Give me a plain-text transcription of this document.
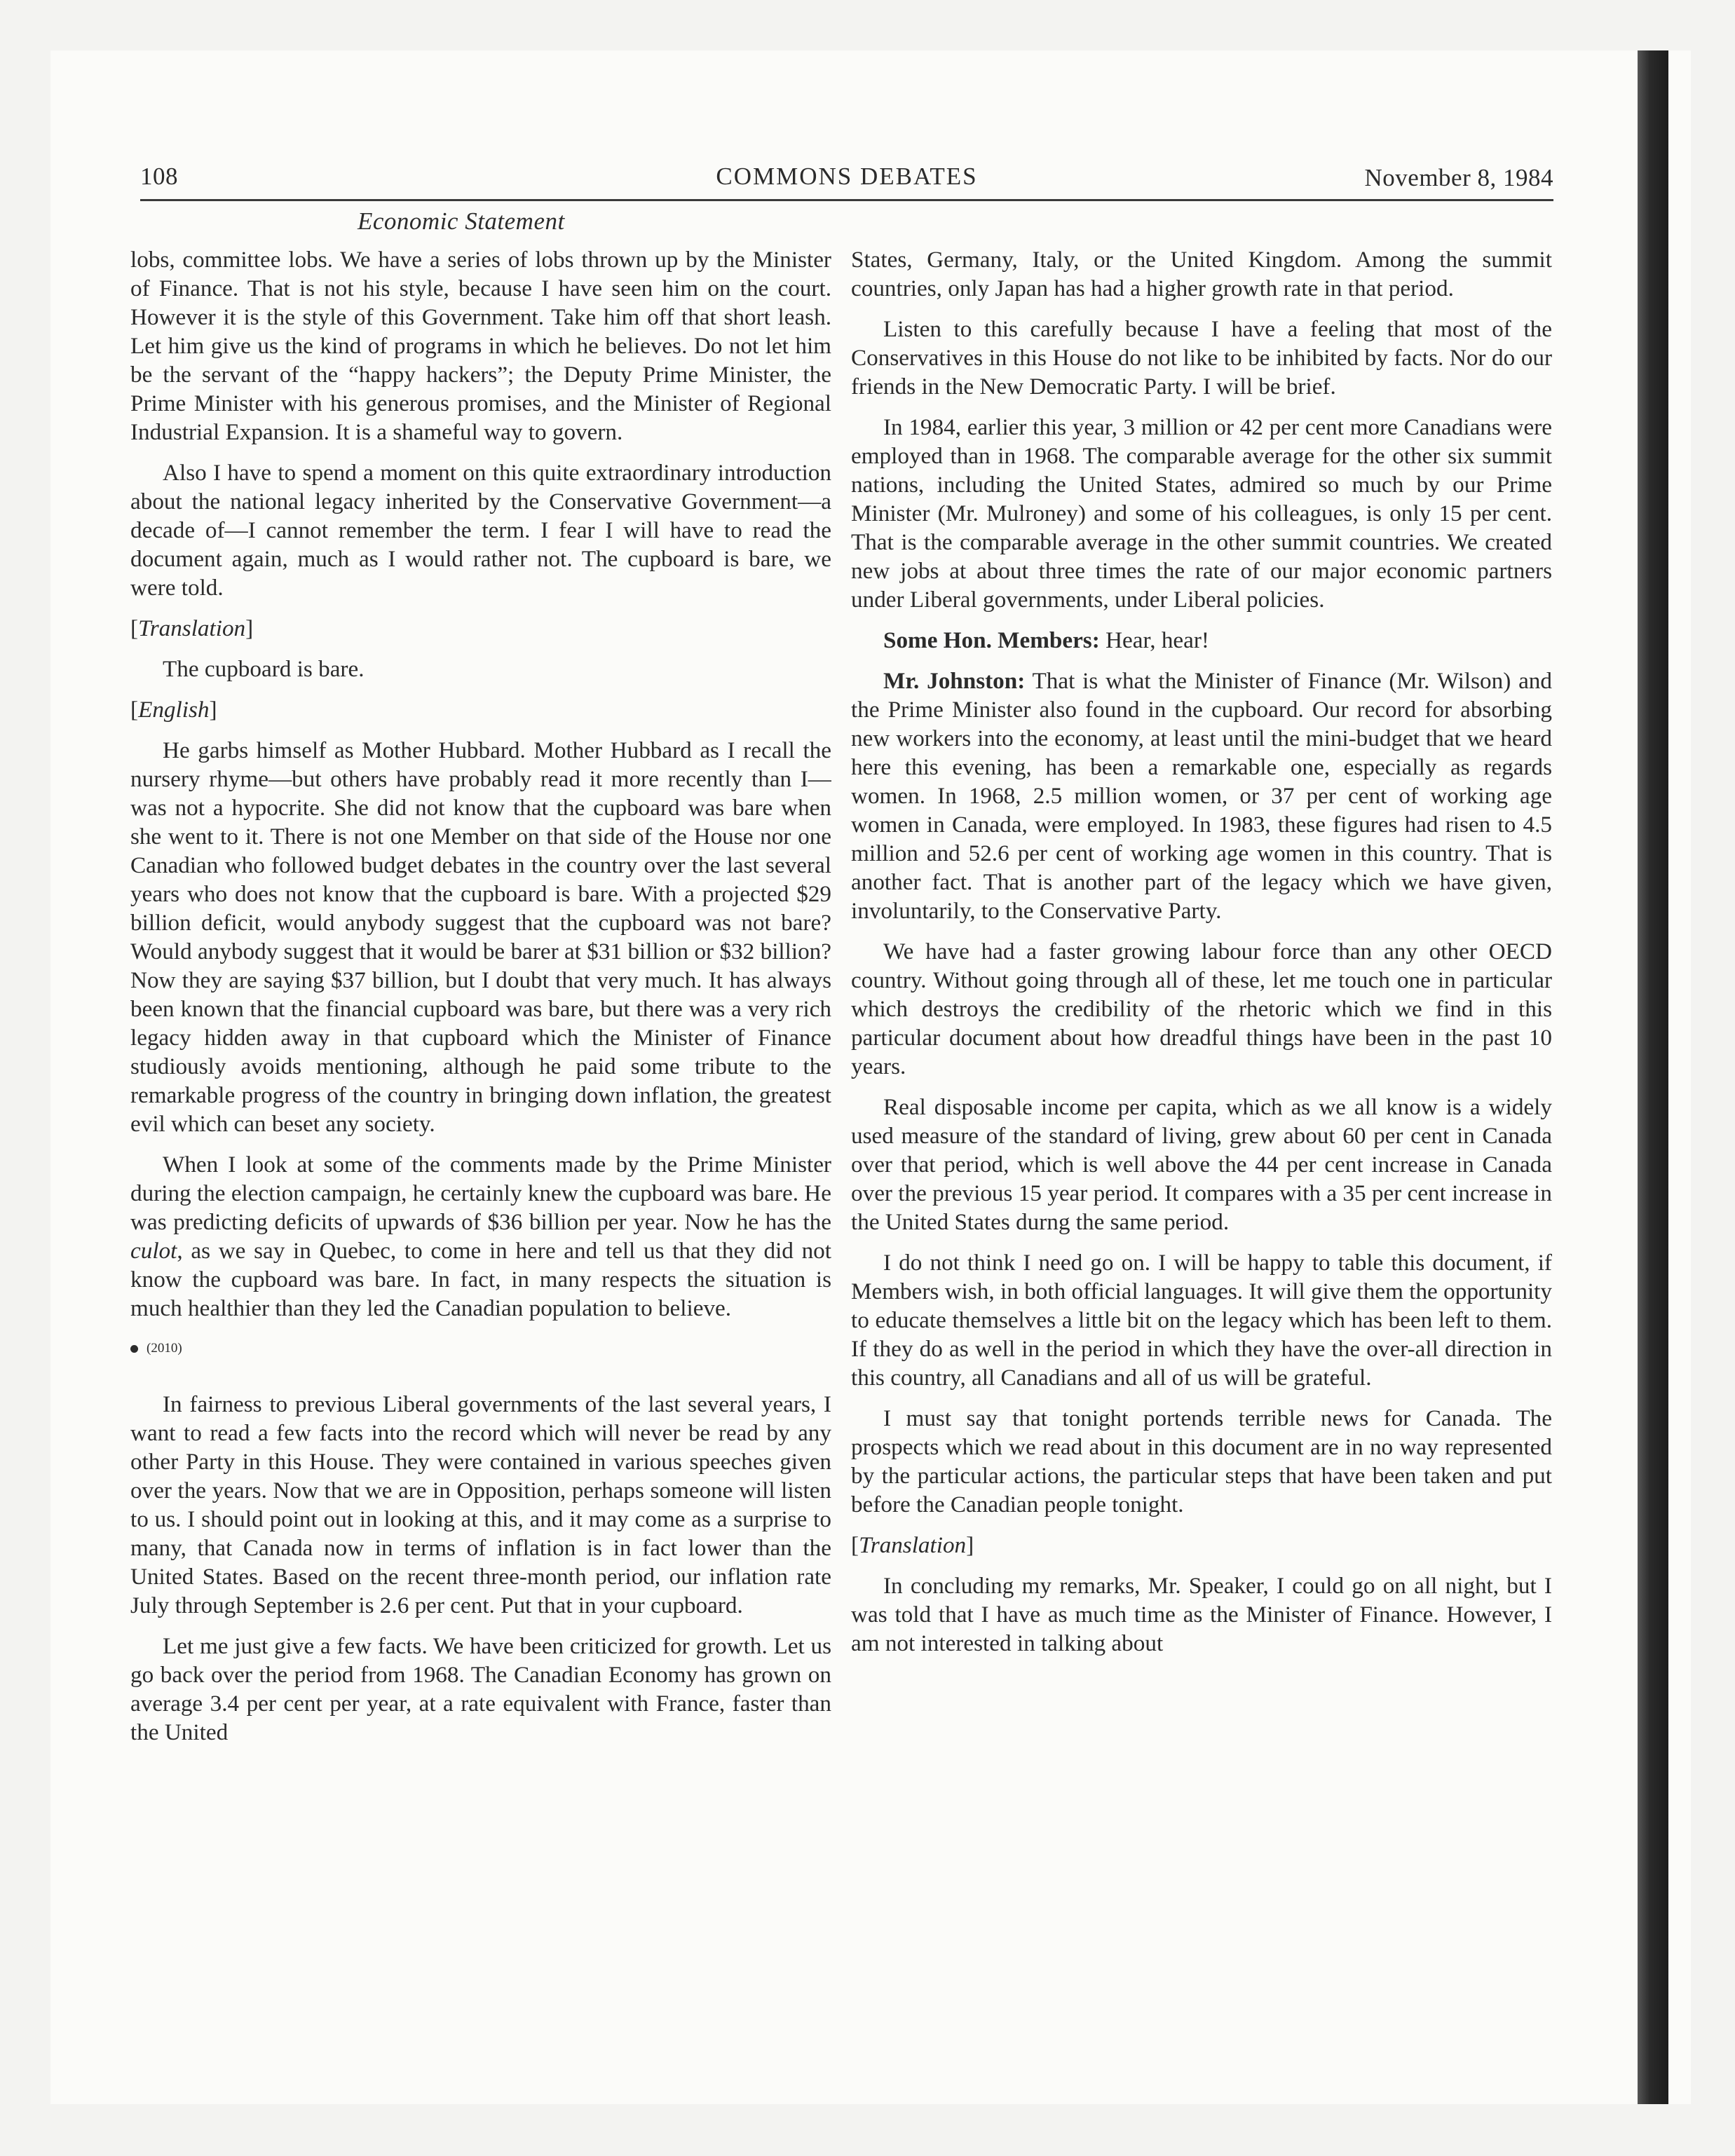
108	COMMONS DEBATES	November 8, 1984
Economic Statement

lobs, committee lobs. We have a series of lobs thrown up by the Minister of Finance. That is not his style, because I have seen him on the court. However it is the style of this Government. Take him off that short leash. Let him give us the kind of programs in which he believes. Do not let him be the servant of the “happy hackers”; the Deputy Prime Minister, the Prime Minister with his generous promises, and the Minister of Regional Industrial Expansion. It is a shameful way to govern.

Also I have to spend a moment on this quite extraordinary introduction about the national legacy inherited by the Conservative Government—a decade of—I cannot remember the term. I fear I will have to read the document again, much as I would rather not. The cupboard is bare, we were told.

[Translation]

The cupboard is bare.

[English]

He garbs himself as Mother Hubbard. Mother Hubbard as I recall the nursery rhyme—but others have probably read it more recently than I—was not a hypocrite. She did not know that the cupboard was bare when she went to it. There is not one Member on that side of the House nor one Canadian who followed budget debates in the country over the last several years who does not know that the cupboard is bare. With a projected $29 billion deficit, would anybody suggest that the cupboard was not bare? Would anybody suggest that it would be barer at $31 billion or $32 billion? Now they are saying $37 billion, but I doubt that very much. It has always been known that the financial cupboard was bare, but there was a very rich legacy hidden away in that cupboard which the Minister of Finance studiously avoids mentioning, although he paid some tribute to the remarkable progress of the country in bringing down inflation, the greatest evil which can beset any society.

When I look at some of the comments made by the Prime Minister during the election campaign, he certainly knew the cupboard was bare. He was predicting deficits of upwards of $36 billion per year. Now he has the culot, as we say in Quebec, to come in here and tell us that they did not know the cupboard was bare. In fact, in many respects the situation is much healthier than they led the Canadian population to believe.

(2010)

In fairness to previous Liberal governments of the last several years, I want to read a few facts into the record which will never be read by any other Party in this House. They were contained in various speeches given over the years. Now that we are in Opposition, perhaps someone will listen to us. I should point out in looking at this, and it may come as a surprise to many, that Canada now in terms of inflation is in fact lower than the United States. Based on the recent three-month period, our inflation rate July through September is 2.6 per cent. Put that in your cupboard.

Let me just give a few facts. We have been criticized for growth. Let us go back over the period from 1968. The Canadian Economy has grown on average 3.4 per cent per year, at a rate equivalent with France, faster than the United

States, Germany, Italy, or the United Kingdom. Among the summit countries, only Japan has had a higher growth rate in that period.

Listen to this carefully because I have a feeling that most of the Conservatives in this House do not like to be inhibited by facts. Nor do our friends in the New Democratic Party. I will be brief.

In 1984, earlier this year, 3 million or 42 per cent more Canadians were employed than in 1968. The comparable average for the other six summit nations, including the United States, admired so much by our Prime Minister (Mr. Mulroney) and some of his colleagues, is only 15 per cent. That is the comparable average in the other summit countries. We created new jobs at about three times the rate of our major economic partners under Liberal governments, under Liberal policies.

Some Hon. Members: Hear, hear!

Mr. Johnston: That is what the Minister of Finance (Mr. Wilson) and the Prime Minister also found in the cupboard. Our record for absorbing new workers into the economy, at least until the mini-budget that we heard here this evening, has been a remarkable one, especially as regards women. In 1968, 2.5 million women, or 37 per cent of working age women in Canada, were employed. In 1983, these figures had risen to 4.5 million and 52.6 per cent of working age women in this country. That is another fact. That is another part of the legacy which we have given, involuntarily, to the Conservative Party.

We have had a faster growing labour force than any other OECD country. Without going through all of these, let me touch one in particular which destroys the credibility of the rhetoric which we find in this particular document about how dreadful things have been in the past 10 years.

Real disposable income per capita, which as we all know is a widely used measure of the standard of living, grew about 60 per cent in Canada over that period, which is well above the 44 per cent increase in Canada over the previous 15 year period. It compares with a 35 per cent increase in the United States durng the same period.

I do not think I need go on. I will be happy to table this document, if Members wish, in both official languages. It will give them the opportunity to educate themselves a little bit on the legacy which has been left to them. If they do as well in the period in which they have the over-all direction in this country, all Canadians and all of us will be grateful.

I must say that tonight portends terrible news for Canada. The prospects which we read about in this document are in no way represented by the particular actions, the particular steps that have been taken and put before the Canadian people tonight.

[Translation]

In concluding my remarks, Mr. Speaker, I could go on all night, but I was told that I have as much time as the Minister of Finance. However, I am not interested in talking about
